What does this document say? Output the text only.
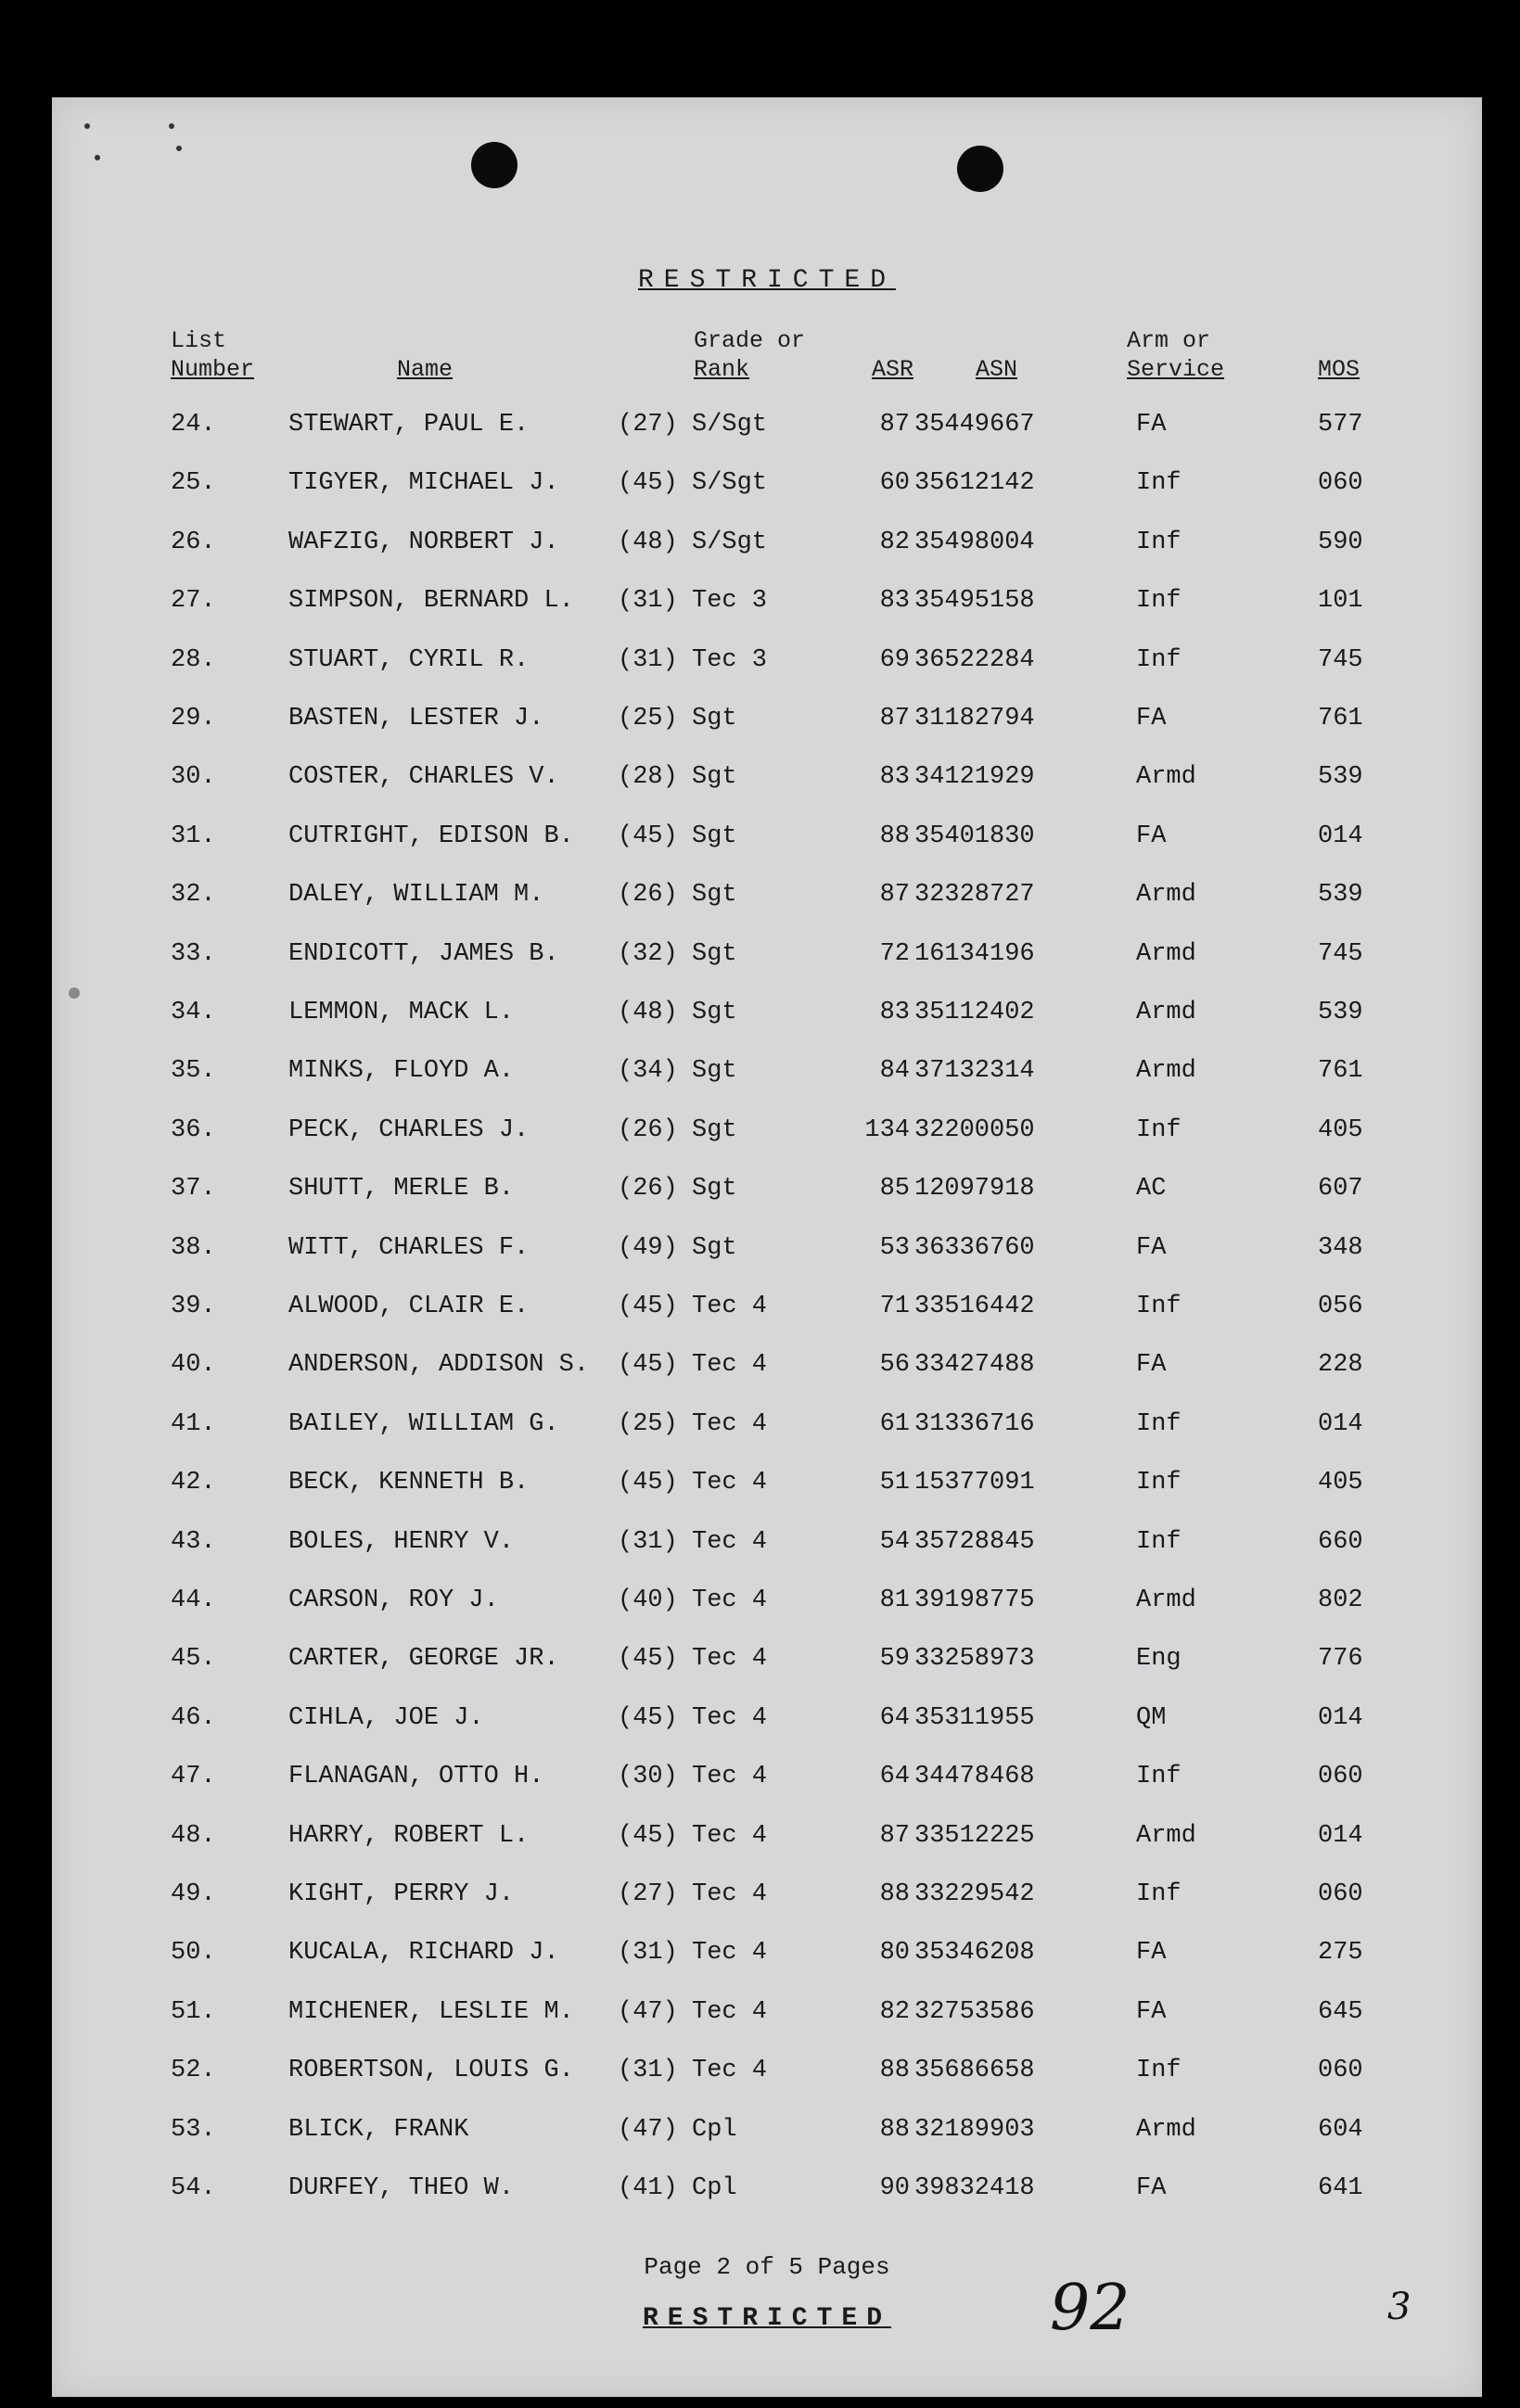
RESTRICTED
List
Number	Name
Grade or
Rank	ASR	ASN
Arm or
Service	MOS
24.	STEWART, PAUL E.	(27) S/Sgt	87 35449667	FA	577
25.	TIGYER, MICHAEL J. (45) S/Sgt	60 35612142	Inf	060
26.	WAFZIG, NORBERT J. (48) S/Sgt	82 35498004	Inf	590
27.	SIMPSON, BERNARD L. (31) Tec 3	83 35495158	Inf	101
28.	STUART, CYRIL R.	(31) Tec 3	69 36522284	Inf	745
29.	BASTEN, LESTER J.	(25) Sgt	87 31182794	FA	761
30.	COSTER, CHARLES V. (28) Sgt	83 34121929	Armd	539
31.	CUTRIGHT, EDISON B. (45) Sgt	88 35401830	FA	014
32.	DALEY, WILLIAM M.	(26) Sgt	87 32328727	Armd	539
33.	ENDICOTT, JAMES B. (32) Sgt	72 16134196	Armd	745
34.	LEMMON, MACK L.	(48) Sgt	83 35112402	Armd	539
35.	MINKS, FLOYD A.	(34) Sgt	84 37132314	Armd	761
36.	PECK, CHARLES J.	(26) Sgt	134 32200050	Inf	405
37.	SHUTT, MERLE B.	(26) Sgt	85 12097918	AC	607
38.	WITT, CHARLES F.	(49) Sgt	53 36336760	FA	348
39.	ALWOOD, CLAIR E.	(45) Tec 4	71 33516442	Inf	056
40.	ANDERSON, ADDISON S. (45) Tec 4	56 33427488	FA	228
41.	BAILEY, WILLIAM G. (25) Tec 4	61 31336716	Inf	014
42.	BECK, KENNETH B.	(45) Tec 4	51 15377091	Inf	405
43.	BOLES, HENRY V.	(31) Tec 4	54 35728845	Inf	660
44.	CARSON, ROY J.	(40) Tec 4	81 39198775	Armd	802
45.	CARTER, GEORGE JR. (45) Tec 4	59 33258973	Eng	776
46.	CIHLA, JOE J.	(45) Tec 4	64 35311955	QM	014
47.	FLANAGAN, OTTO H.	(30) Tec 4	64 34478468	Inf	060
48.	HARRY, ROBERT L.	(45) Tec 4	87 33512225	Armd	014
49.	KIGHT, PERRY J.	(27) Tec 4	88 33229542	Inf	060
50.	KUCALA, RICHARD J. (31) Tec 4	80 35346208	FA	275
51.	MICHENER, LESLIE M. (47) Tec 4	82 32753586	FA	645
52.	ROBERTSON, LOUIS G. (31) Tec 4	88 35686658	Inf	060
53.	BLICK, FRANK	(47) Cpl	88 32189903	Armd	604
54.	DURFEY, THEO W.	(41) Cpl	90 39832418	FA	641
Page 2 of 5 Pages
RESTRICTED	92	3
